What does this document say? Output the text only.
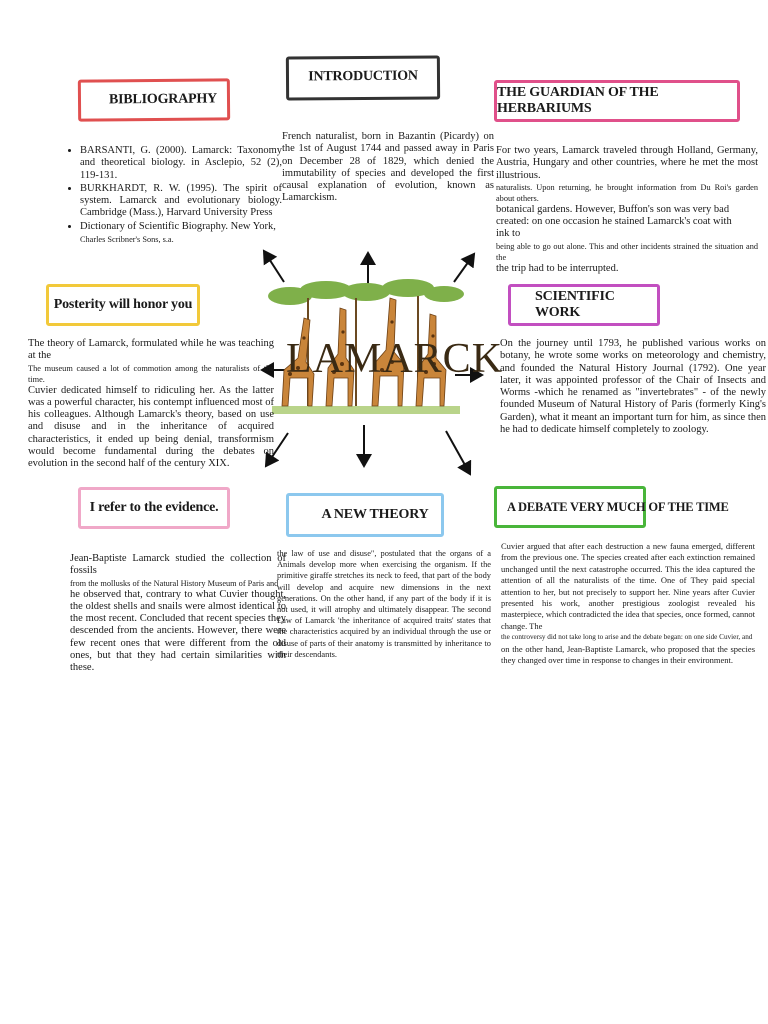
LAMARCK
BIBLIOGRAPHY
• BARSANTI, G. (2000). Lamarck: Taxonomy and theoretical biology. in Asclepio, 52 (2), 119-131.
• BURKHARDT, R. W. (1995). The spirit of system. Lamarck and evolutionary biology. Cambridge (Mass.), Harvard University Press
• Dictionary of Scientific Biography. New York,

Charles Scribner's Sons, s.a.

INTRODUCTION
French naturalist, born in Bazantin (Picardy) on the 1st of August 1744 and passed away in Paris on December 28 of 1829, which denied the immutability of species and developed the first causal explanation of evolution, known as Lamarckism.
THE GUARDIAN OF THE HERBARIUMS

For two years, Lamarck traveled through Holland, Germany, Austria, Hungary and other countries, where he met the most illustrious.

naturalists. Upon returning, he brought information from Du Roi's garden about others.

botanical gardens. However, Buffon's son was very bad created: on one occasion he stained Lamarck's coat with ink to

being able to go out alone. This and other incidents strained the situation and the

the trip had to be interrupted.

Posterity will honor you

The theory of Lamarck, formulated while he was teaching at the

The museum caused a lot of commotion among the naturalists of the time.

Cuvier dedicated himself to ridiculing her. As the latter was a powerful character, his contempt influenced most of his colleagues. Although Lamarck's theory, based on use and disuse and in the inheritance of acquired characteristics, it ended up being denial, transformism would become fundamental during the debates on evolution in the second half of the century XIX.

SCIENTIFIC WORK
On the journey until 1793, he published various works on botany, he wrote some works on meteorology and chemistry, and founded the Natural History Journal (1792). One year later, it was appointed professor of the Chair of Insects and Worms -which he renamed as "invertebrates" - of the newly founded Museum of Natural History of Paris (formerly King's Garden), what it meant an important turn for him, as since then he had to dedicate himself completely to zoology.
I refer to the evidence.

Jean-Baptiste Lamarck studied the collection of fossils

from the mollusks of the Natural History Museum of Paris and

he observed that, contrary to what Cuvier thought, the oldest shells and snails were almost identical to the most recent. Concluded that recent species they descended from the ancients. However, there were few recent ones that were different from the old ones, but that they had certain similarities with these.

A NEW THEORY
the law of use and disuse", postulated that the organs of a Animals develop more when exercising the organism. If the primitive giraffe stretches its neck to feed, that part of the body will develop and acquire new dimensions in the next generations. On the other hand, if any part of the body if it is not used, it will atrophy and ultimately disappear. The second Law of Lamarck 'the inheritance of acquired traits' states that the characteristics acquired by an individual through the use or disuse of parts of their anatomy is transmitted by inheritance to their descendants.
A DEBATE VERY MUCH OF THE TIME

Cuvier argued that after each destruction a new fauna emerged, different from the previous one. The species created after each extinction remained unchanged until the next catastrophe occurred. This the idea captured the attention of all the naturalists of the time. One of They paid special attention to her, but not precisely to support her. Nine years after Cuvier presented his work, another prestigious zoologist revealed his masterpiece, which contradicted the idea that species, once formed, cannot change. The

the controversy did not take long to arise and the debate began: on one side Cuvier, and

on the other hand, Jean-Baptiste Lamarck, who proposed that the species they changed over time in response to changes in their environment.
